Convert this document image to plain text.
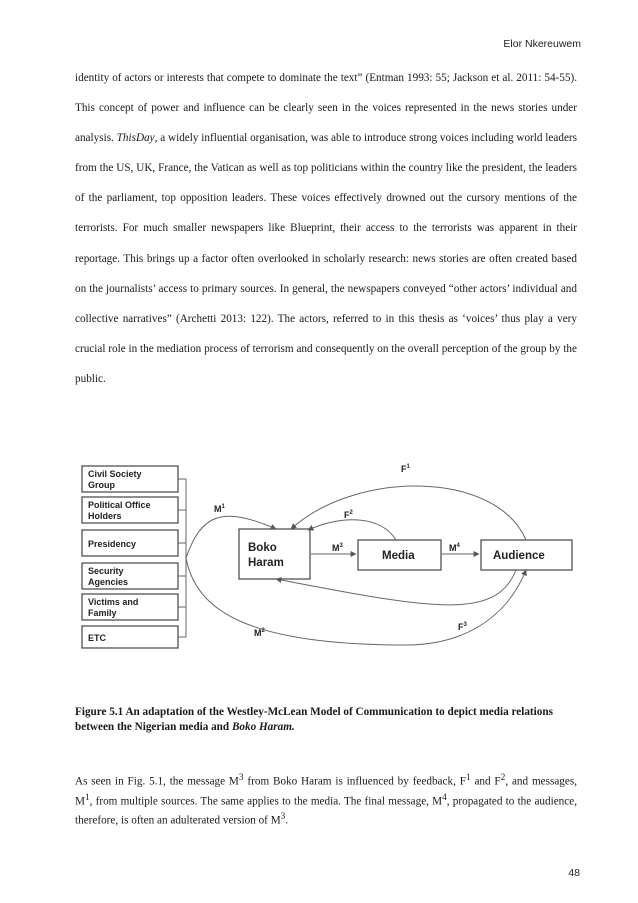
Elor Nkereuwem

identity of actors or interests that compete to dominate the text” (Entman 1993: 55; Jackson et al. 2011: 54-55). This concept of power and influence can be clearly seen in the voices represented in the news stories under analysis. ThisDay, a widely influential organisation, was able to introduce strong voices including world leaders from the US, UK, France, the Vatican as well as top politicians within the country like the president, the leaders of the parliament, top opposition leaders. These voices effectively drowned out the cursory mentions of the terrorists. For much smaller newspapers like Blueprint, their access to the terrorists was apparent in their reportage. This brings up a factor often overlooked in scholarly research: news stories are often created based on the journalists’ access to primary sources. In general, the newspapers conveyed “other actors’ individual and collective narratives” (Archetti 2013: 122). The actors, referred to in this thesis as ‘voices’ thus play a very crucial role in the mediation process of terrorism and consequently on the overall perception of the group by the public.

Civil Society
Group
Political Office
Holders
Presidency
Security
Agencies
Victims and
Family
ETC
Boko
Haram
Media	Audience
$M^1$
$M^2$
$M^3$	$M^4$
$F^1$
$F^2$
$F^3$

Figure 5.1 An adaptation of the Westley-McLean Model of Communication to depict media relations between the Nigerian media and Boko Haram.

As seen in Fig. 5.1, the message $M^3$ from Boko Haram is influenced by feedback, $F^1$ and $F^2$, and messages, $M^1$, from multiple sources. The same applies to the media. The final message, $M^4$, propagated to the audience, therefore, is often an adulterated version of $M^3$.

48
